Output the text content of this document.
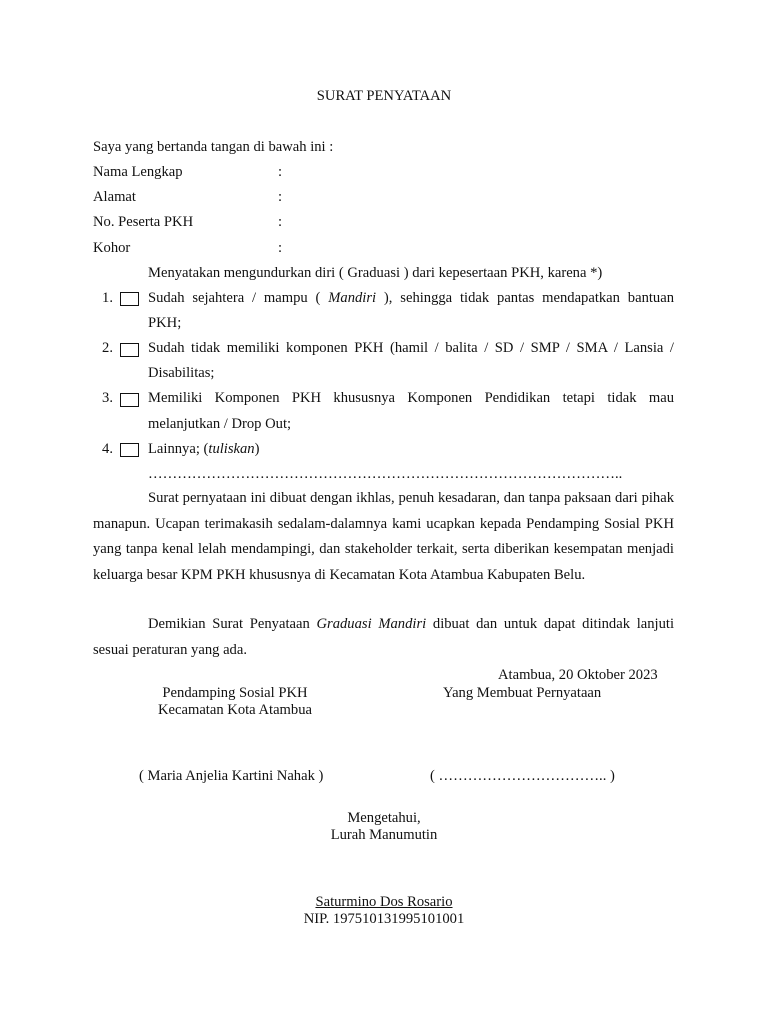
SURAT PENYATAAN
Saya yang bertanda tangan di bawah ini :
Nama Lengkap	:
Alamat	:
No. Peserta PKH	:
Kohor	:
Menyatakan mengundurkan diri ( Graduasi ) dari kepesertaan PKH, karena *)
1. Sudah sejahtera / mampu ( Mandiri ), sehingga tidak pantas mendapatkan bantuan
PKH;
2. Sudah tidak memiliki komponen PKH (hamil / balita / SD / SMP / SMA / Lansia /
Disabilitas;
3. Memiliki Komponen PKH khususnya Komponen Pendidikan tetapi tidak mau
melanjutkan / Drop Out;
4. Lainnya; (tuliskan)
……………………………………………………………………………………..
Surat pernyataan ini dibuat dengan ikhlas, penuh kesadaran, dan tanpa paksaan dari pihak manapun. Ucapan terimakasih sedalam-dalamnya kami ucapkan kepada Pendamping Sosial PKH yang tanpa kenal lelah mendampingi, dan stakeholder terkait, serta diberikan kesempatan menjadi keluarga besar KPM PKH khususnya di Kecamatan Kota Atambua Kabupaten Belu.
Demikian Surat Penyataan Graduasi Mandiri dibuat dan untuk dapat ditindak lanjuti sesuai peraturan yang ada.
Atambua, 20 Oktober 2023
Pendamping Sosial PKH
Kecamatan Kota Atambua
Yang Membuat Pernyataan
( Maria Anjelia Kartini Nahak )	( …………………………….. )
Mengetahui,
Lurah Manumutin
Saturmino Dos Rosario
NIP. 197510131995101001
